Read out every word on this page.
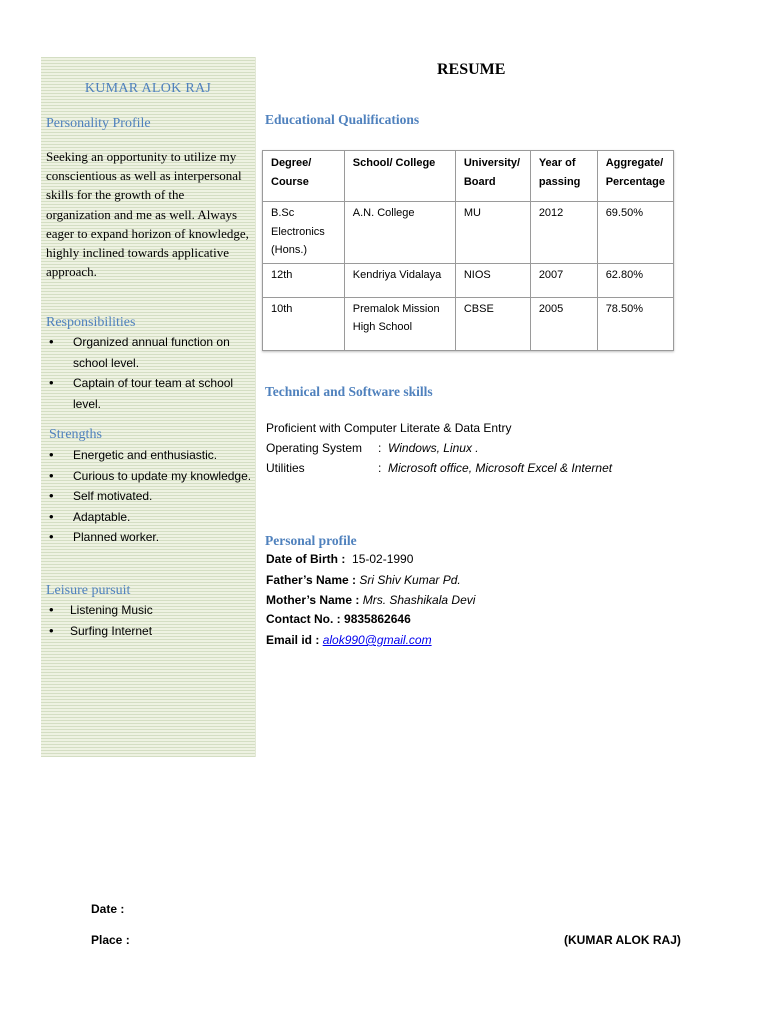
KUMAR ALOK RAJ
Personality Profile
Seeking an opportunity to utilize my conscientious as well as interpersonal skills for the growth of the organization and me as well. Always eager to expand horizon of knowledge, highly inclined towards applicative approach.
Responsibilities
• Organized annual function on school level.
• Captain of tour team at school level.
Strengths
• Energetic and enthusiastic.
• Curious to update my knowledge.
• Self motivated.
• Adaptable.
• Planned worker.
Leisure pursuit
• Listening Music
• Surfing Internet
RESUME
Educational Qualifications
Degree/ Course	School/ College	University/ Board	Year of passing	Aggregate/ Percentage
B.Sc Electronics (Hons.)	A.N. College	MU	2012	69.50%
12th	Kendriya Vidalaya	NIOS	2007	62.80%
10th	Premalok Mission High School	CBSE	2005	78.50%
Technical and Software skills
Proficient with Computer Literate & Data Entry
Operating System : Windows, Linux .
Utilities	: Microsoft office, Microsoft Excel & Internet
Personal profile
Date of Birth : 15-02-1990
Father’s Name : Sri Shiv Kumar Pd.
Mother’s Name : Mrs. Shashikala Devi
Contact No. : 9835862646
Email id : alok990@gmail.com
Date :
Place :	(KUMAR ALOK RAJ)
